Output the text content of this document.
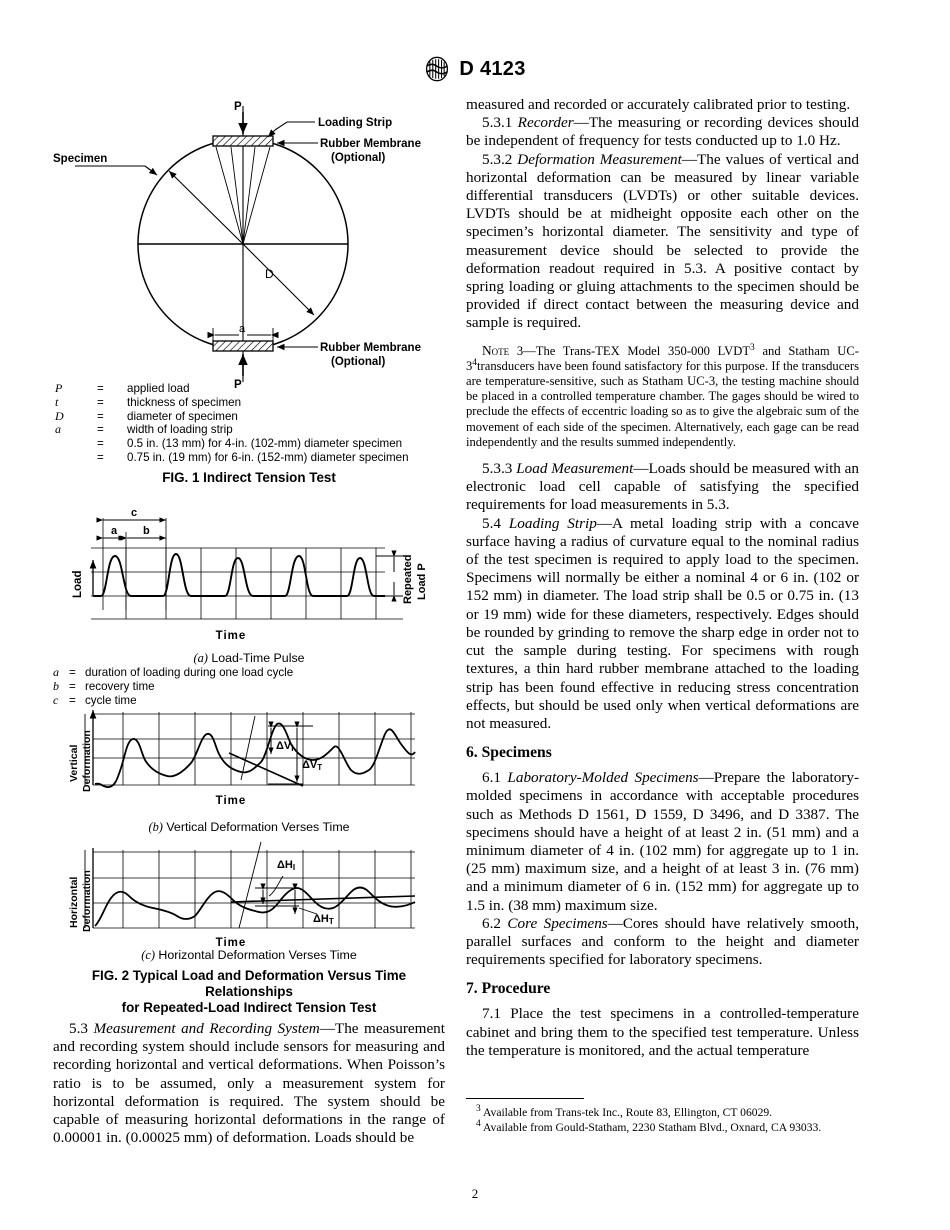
D 4123
P
P
D
a
Loading Strip
Rubber Membrane
(Optional)
Rubber Membrane
(Optional)
Specimen
P	=	applied load
t	=	thickness of specimen
D	=	diameter of specimen
a	=	width of loading strip
	=	0.5 in. (13 mm) for 4-in. (102-mm) diameter specimen
	=	0.75 in. (19 mm) for 6-in. (152-mm) diameter specimen
FIG. 1 Indirect Tension Test
c
a b
Load
Time
Repeated Load P
(a) Load-Time Pulse
a	=	duration of loading during one load cycle
b	=	recovery time
c	=	cycle time
ΔVI
ΔVT
Vertical Deformation
Time
(b) Vertical Deformation Verses Time
ΔHI
ΔHT
Horizontal Deformation
Time
(c) Horizontal Deformation Verses Time
FIG. 2 Typical Load and Deformation Versus Time Relationships
for Repeated-Load Indirect Tension Test

5.3 Measurement and Recording System—The measurement and recording system should include sensors for measuring and recording horizontal and vertical deformations. When Poisson’s ratio is to be assumed, only a measurement system for horizontal deformation is required. The system should be capable of measuring horizontal deformations in the range of 0.00001 in. (0.00025 mm) of deformation. Loads should be

measured and recorded or accurately calibrated prior to testing.

5.3.1 Recorder—The measuring or recording devices should be independent of frequency for tests conducted up to 1.0 Hz.

5.3.2 Deformation Measurement—The values of vertical and horizontal deformation can be measured by linear variable differential transducers (LVDTs) or other suitable devices. LVDTs should be at midheight opposite each other on the specimen’s horizontal diameter. The sensitivity and type of measurement device should be selected to provide the deformation readout required in 5.3. A positive contact by spring loading or gluing attachments to the specimen should be provided if direct contact between the measuring device and sample is required.

Note 3—The Trans-TEX Model 350-000 LVDT$^3$ and Statham $UC-3^4transducers$ have been found satisfactory for this purpose. If the transducers are temperature-sensitive, such as Statham UC-3, the testing machine should be placed in a controlled temperature chamber. The gages should be wired to preclude the effects of eccentric loading so as to give the algebraic sum of the movement of each side of the specimen. Alternatively, each gage can be read independently and the results summed independently.

5.3.3 Load Measurement—Loads should be measured with an electronic load cell capable of satisfying the specified requirements for load measurements in 5.3.

5.4 Loading Strip—A metal loading strip with a concave surface having a radius of curvature equal to the nominal radius of the test specimen is required to apply load to the specimen. Specimens will normally be either a nominal 4 or 6 in. (102 or 152 mm) in diameter. The load strip shall be 0.5 or 0.75 in. (13 or 19 mm) wide for these diameters, respectively. Edges should be rounded by grinding to remove the sharp edge in order not to cut the sample during testing. For specimens with rough textures, a thin hard rubber membrane attached to the loading strip has been found effective in reducing stress concentration effects, but should be used only when vertical deformations are not measured.

6. Specimens

6.1 Laboratory-Molded Specimens—Prepare the laboratory-molded specimens in accordance with acceptable procedures such as Methods D 1561, D 1559, D 3496, and D 3387. The specimens should have a height of at least 2 in. (51 mm) and a minimum diameter of 4 in. (102 mm) for aggregate up to 1 in. (25 mm) maximum size, and a height of at least 3 in. (76 mm) and a minimum diameter of 6 in. (152 mm) for aggregate up to 1.5 in. (38 mm) maximum size.

6.2 Core Specimens—Cores should have relatively smooth, parallel surfaces and conform to the height and diameter requirements specified for laboratory specimens.

7. Procedure

7.1 Place the test specimens in a controlled-temperature cabinet and bring them to the specified test temperature. Unless the temperature is monitored, and the actual temperature

$^3$ Available from Trans-tek Inc., Route 83, Ellington, CT 06029.

$^4$ Available from Gould-Statham, 2230 Statham Blvd., Oxnard, CA 93033.

2
